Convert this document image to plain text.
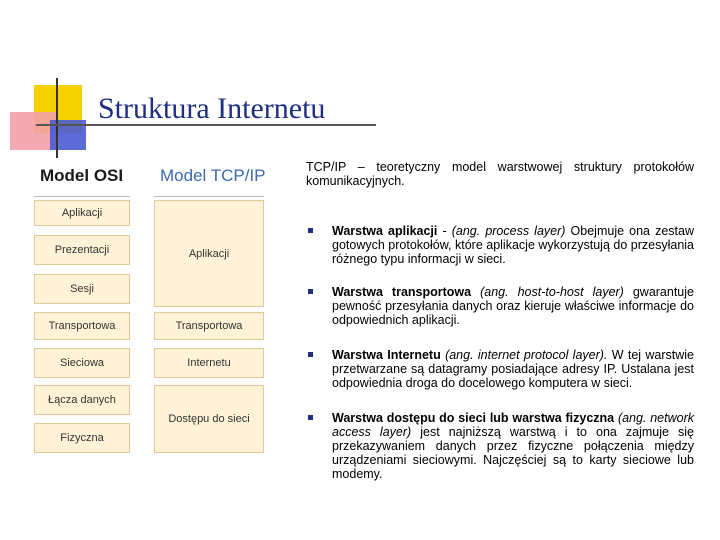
Struktura Internetu
Model OSI Model TCP/IP
Aplikacji
Prezentacji
Sesji
Transportowa
Sieciowa
Łącza danych
Fizyczna
Aplikacji
Transportowa
Internetu
Dostępu do sieci
TCP/IP – teoretyczny model warstwowej struktury protokołów komunikacyjnych.
Warstwa aplikacji - (ang. process layer) Obejmuje ona zestaw gotowych protokołów, które aplikacje wykorzystują do przesyłania różnego typu informacji w sieci.
Warstwa transportowa (ang. host-to-host layer) gwarantuje pewność przesyłania danych oraz kieruje właściwe informacje do odpowiednich aplikacji.
Warstwa Internetu (ang. internet protocol layer). W tej warstwie przetwarzane są datagramy posiadające adresy IP. Ustalana jest odpowiednia droga do docelowego komputera w sieci.
Warstwa dostępu do sieci lub warstwa fizyczna (ang. network access layer) jest najniższą warstwą i to ona zajmuje się przekazywaniem danych przez fizyczne połączenia między urządzeniami sieciowymi. Najczęściej są to karty sieciowe lub modemy.
